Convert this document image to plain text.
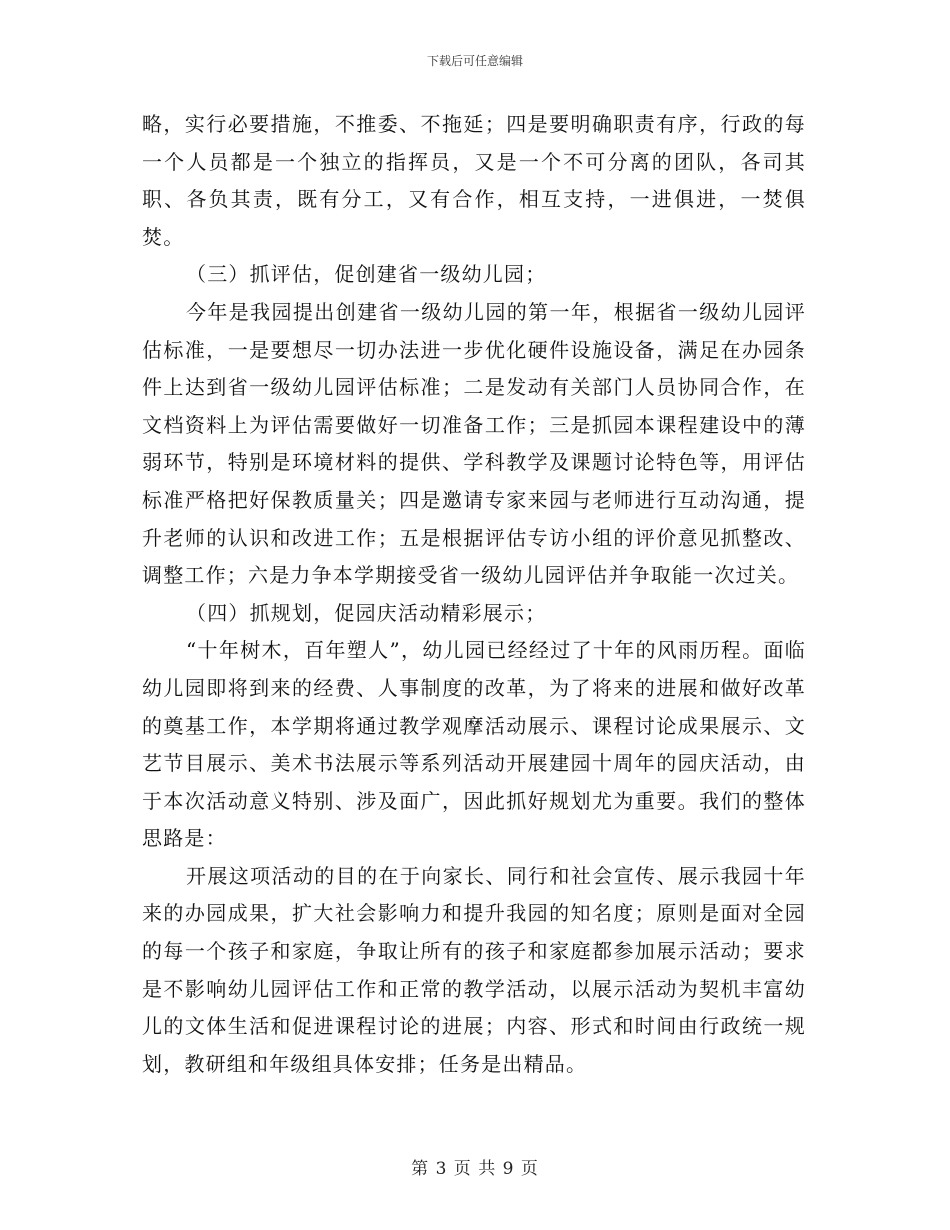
下载后可任意编辑

略，实行必要措施，不推委、不拖延；四是要明确职责有序，行政的每一个人员都是一个独立的指挥员，又是一个不可分离的团队，各司其职、各负其责，既有分工，又有合作，相互支持，一进俱进，一焚俱焚。

（三）抓评估，促创建省一级幼儿园；

今年是我园提出创建省一级幼儿园的第一年，根据省一级幼儿园评估标准，一是要想尽一切办法进一步优化硬件设施设备，满足在办园条件上达到省一级幼儿园评估标准；二是发动有关部门人员协同合作，在文档资料上为评估需要做好一切准备工作；三是抓园本课程建设中的薄弱环节，特别是环境材料的提供、学科教学及课题讨论特色等，用评估标准严格把好保教质量关；四是邀请专家来园与老师进行互动沟通，提升老师的认识和改进工作；五是根据评估专访小组的评价意见抓整改、调整工作；六是力争本学期接受省一级幼儿园评估并争取能一次过关。

（四）抓规划，促园庆活动精彩展示；

“十年树木，百年塑人”，幼儿园已经经过了十年的风雨历程。面临幼儿园即将到来的经费、人事制度的改革，为了将来的进展和做好改革的奠基工作，本学期将通过教学观摩活动展示、课程讨论成果展示、文艺节目展示、美术书法展示等系列活动开展建园十周年的园庆活动，由于本次活动意义特别、涉及面广，因此抓好规划尤为重要。我们的整体思路是：

开展这项活动的目的在于向家长、同行和社会宣传、展示我园十年来的办园成果，扩大社会影响力和提升我园的知名度；原则是面对全园的每一个孩子和家庭，争取让所有的孩子和家庭都参加展示活动；要求是不影响幼儿园评估工作和正常的教学活动，以展示活动为契机丰富幼儿的文体生活和促进课程讨论的进展；内容、形式和时间由行政统一规划，教研组和年级组具体安排；任务是出精品。

第 3 页 共 9 页
